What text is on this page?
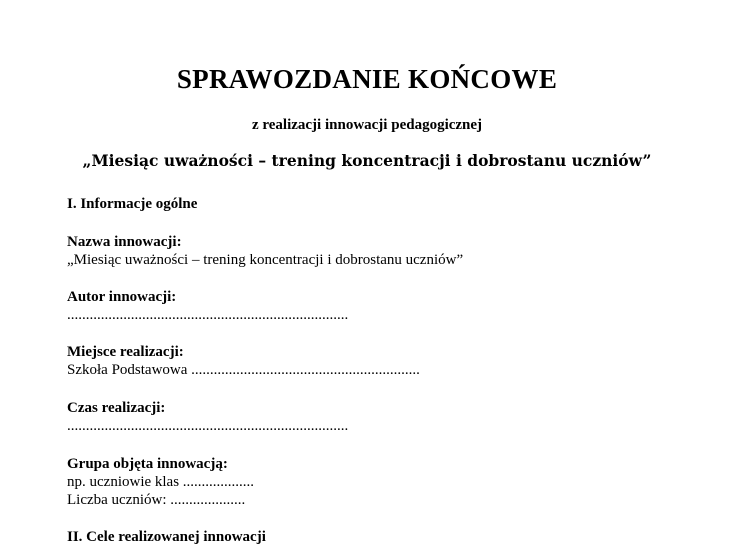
SPRAWOZDANIE KOŃCOWE
z realizacji innowacji pedagogicznej
„Miesiąc uważności – trening koncentracji i dobrostanu uczniów”
I. Informacje ogólne
Nazwa innowacji:
„Miesiąc uważności – trening koncentracji i dobrostanu uczniów”
Autor innowacji:
...........................................................................
Miejsce realizacji:
Szkoła Podstawowa .............................................................
Czas realizacji:
...........................................................................
Grupa objęta innowacją:
np. uczniowie klas ...................
Liczba uczniów: ....................
II. Cele realizowanej innowacji
